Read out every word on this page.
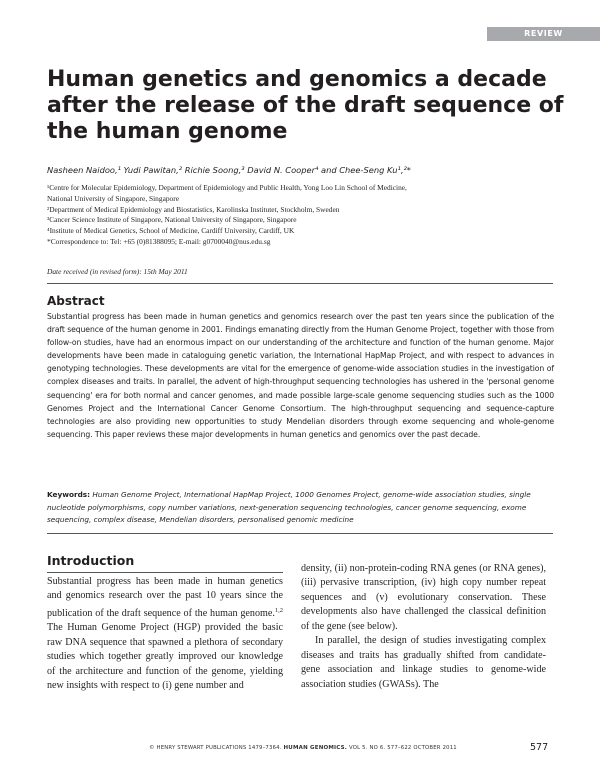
REVIEW
Human genetics and genomics a decade after the release of the draft sequence of the human genome
Nasheen Naidoo,¹ Yudi Pawitan,² Richie Soong,³ David N. Cooper⁴ and Chee-Seng Ku¹,²*
¹Centre for Molecular Epidemiology, Department of Epidemiology and Public Health, Yong Loo Lin School of Medicine,
National University of Singapore, Singapore
²Department of Medical Epidemiology and Biostatistics, Karolinska Institutet, Stockholm, Sweden
³Cancer Science Institute of Singapore, National University of Singapore, Singapore
⁴Institute of Medical Genetics, School of Medicine, Cardiff University, Cardiff, UK
*Correspondence to: Tel: +65 (0)81388095; E-mail: g0700040@nus.edu.sg
Date received (in revised form): 15th May 2011
Abstract
Substantial progress has been made in human genetics and genomics research over the past ten years since the publication of the draft sequence of the human genome in 2001. Findings emanating directly from the Human Genome Project, together with those from follow-on studies, have had an enormous impact on our understanding of the architecture and function of the human genome. Major developments have been made in cataloguing genetic variation, the International HapMap Project, and with respect to advances in genotyping technologies. These developments are vital for the emergence of genome-wide association studies in the investigation of complex diseases and traits. In parallel, the advent of high-throughput sequencing technologies has ushered in the 'personal genome sequencing' era for both normal and cancer genomes, and made possible large-scale genome sequencing studies such as the 1000 Genomes Project and the International Cancer Genome Consortium. The high-throughput sequencing and sequence-capture technologies are also providing new opportunities to study Mendelian disorders through exome sequencing and whole-genome sequencing. This paper reviews these major developments in human genetics and genomics over the past decade.
Keywords: Human Genome Project, International HapMap Project, 1000 Genomes Project, genome-wide association studies, single nucleotide polymorphisms, copy number variations, next-generation sequencing technologies, cancer genome sequencing, exome sequencing, complex disease, Mendelian disorders, personalised genomic medicine
Introduction
Substantial progress has been made in human genetics and genomics research over the past 10 years since the publication of the draft sequence of the human genome.$^{1,2}$ The Human Genome Project (HGP) provided the basic raw DNA sequence that spawned a plethora of secondary studies which together greatly improved our knowledge of the architecture and function of the genome, yielding new insights with respect to (i) gene number and

density, (ii) non-protein-coding RNA genes (or RNA genes), (iii) pervasive transcription, (iv) high copy number repeat sequences and (v) evolutionary conservation. These developments also have challenged the classical definition of the gene (see below).

In parallel, the design of studies investigating complex diseases and traits has gradually shifted from candidate-gene association and linkage studies to genome-wide association studies (GWASs). The

© HENRY STEWART PUBLICATIONS 1479–7364. HUMAN GENOMICS. VOL 5. NO 6. 577–622 OCTOBER 2011	577
